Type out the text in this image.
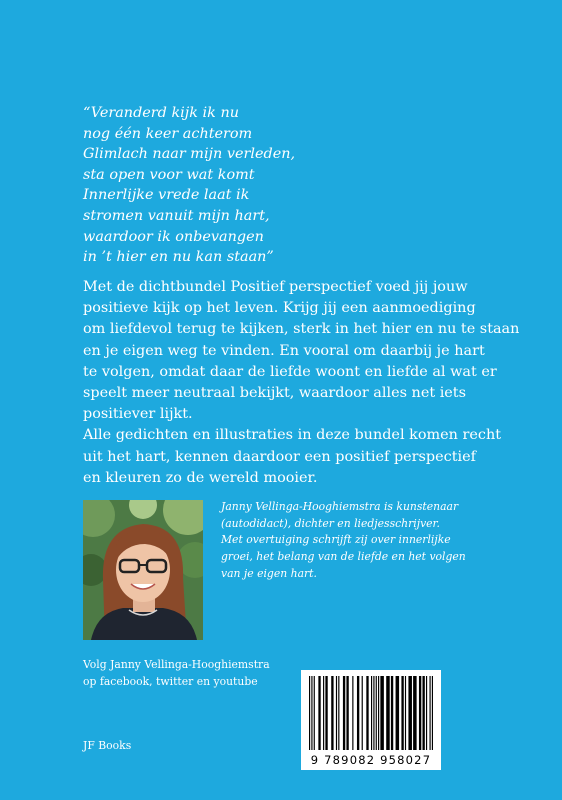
“Veranderd kijk ik nu
nog één keer achterom
Glimlach naar mijn verleden,
sta open voor wat komt
Innerlijke vrede laat ik
stromen vanuit mijn hart,
waardoor ik onbevangen
in ’t hier en nu kan staan”
Met de dichtbundel Positief perspectief voed jij jouw
positieve kijk op het leven. Krijg jij een aanmoediging
om liefdevol terug te kijken, sterk in het hier en nu te staan
en je eigen weg te vinden. En vooral om daarbij je hart
te volgen, omdat daar de liefde woont en liefde al wat er
speelt meer neutraal bekijkt, waardoor alles net iets
positiever lijkt.
Alle gedichten en illustraties in deze bundel komen recht
uit het hart, kennen daardoor een positief perspectief
en kleuren zo de wereld mooier.
Janny Vellinga-Hooghiemstra is kunstenaar
(autodidact), dichter en liedjesschrijver.
Met overtuiging schrijft zij over innerlijke
groei, het belang van de liefde en het volgen
van je eigen hart.
Volg Janny Vellinga-Hooghiemstra
op facebook, twitter en youtube
JF Books
9 789082 958027
